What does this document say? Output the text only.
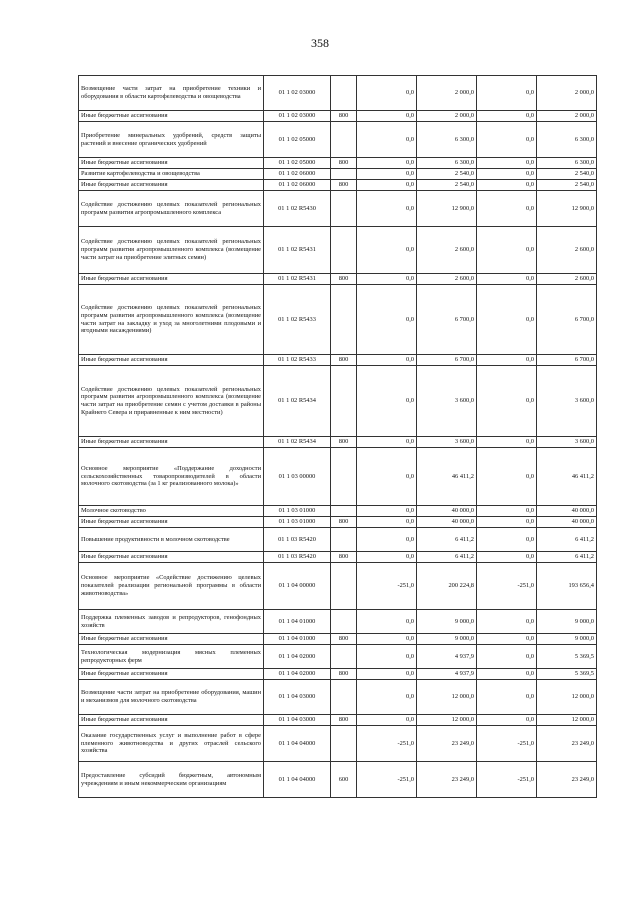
358
Возмещение части затрат на приобретение техники и оборудования в области картофелеводства и овощеводства	01 1 02 03000		0,0	2 000,0	0,0	2 000,0
Иные бюджетные ассигнования	01 1 02 03000	800	0,0	2 000,0	0,0	2 000,0
Приобретение минеральных удобрений, средств защиты растений и внесение органических удобрений	01 1 02 05000		0,0	6 300,0	0,0	6 300,0
Иные бюджетные ассигнования	01 1 02 05000	800	0,0	6 300,0	0,0	6 300,0
Развитие картофелеводства и овощеводства	01 1 02 06000		0,0	2 540,0	0,0	2 540,0
Иные бюджетные ассигнования	01 1 02 06000	800	0,0	2 540,0	0,0	2 540,0
Содействие достижению целевых показателей региональных программ развития агропромышленного комплекса	01 1 02 R5430		0,0	12 900,0	0,0	12 900,0
Содействие достижению целевых показателей региональных программ развития агропромышленного комплекса (возмещение части затрат на приобретение элитных семян)	01 1 02 R5431		0,0	2 600,0	0,0	2 600,0
Иные бюджетные ассигнования	01 1 02 R5431	800	0,0	2 600,0	0,0	2 600,0
Содействие достижению целевых показателей региональных программ развития агропромышленного комплекса (возмещение части затрат на закладку и уход за многолетними плодовыми и ягодными насаждениями)	01 1 02 R5433		0,0	6 700,0	0,0	6 700,0
Иные бюджетные ассигнования	01 1 02 R5433	800	0,0	6 700,0	0,0	6 700,0
Содействие достижению целевых показателей региональных программ развития агропромышленного комплекса (возмещение части затрат на приобретение семян с учетом доставки в районы Крайнего Севера и приравненные к ним местности)	01 1 02 R5434		0,0	3 600,0	0,0	3 600,0
Иные бюджетные ассигнования	01 1 02 R5434	800	0,0	3 600,0	0,0	3 600,0
Основное мероприятие «Поддержание доходности сельскохозяйственных товаропроизводителей в области молочного скотоводства (за 1 кг реализованного молока)»	01 1 03 00000		0,0	46 411,2	0,0	46 411,2
Молочное скотоводство	01 1 03 01000		0,0	40 000,0	0,0	40 000,0
Иные бюджетные ассигнования	01 1 03 01000	800	0,0	40 000,0	0,0	40 000,0
Повышение продуктивности в молочном скотоводстве	01 1 03 R5420		0,0	6 411,2	0,0	6 411,2
Иные бюджетные ассигнования	01 1 03 R5420	800	0,0	6 411,2	0,0	6 411,2
Основное мероприятие «Содействие достижению целевых показателей реализации региональной программы в области животноводства»	01 1 04 00000		-251,0	200 224,8	-251,0	193 656,4
Поддержка племенных заводов и репродукторов, генофондных хозяйств	01 1 04 01000		0,0	9 000,0	0,0	9 000,0
Иные бюджетные ассигнования	01 1 04 01000	800	0,0	9 000,0	0,0	9 000,0
Технологическая модернизация мясных племенных репродукторных ферм	01 1 04 02000		0,0	4 937,9	0,0	5 369,5
Иные бюджетные ассигнования	01 1 04 02000	800	0,0	4 937,9	0,0	5 369,5
Возмещение части затрат на приобретение оборудования, машин и механизмов для молочного скотоводства	01 1 04 03000		0,0	12 000,0	0,0	12 000,0
Иные бюджетные ассигнования	01 1 04 03000	800	0,0	12 000,0	0,0	12 000,0
Оказание государственных услуг и выполнение работ в сфере племенного животноводства и других отраслей сельского хозяйства	01 1 04 04000		-251,0	23 249,0	-251,0	23 249,0
Предоставление субсидий бюджетным, автономным учреждениям и иным некоммерческим организациям	01 1 04 04000	600	-251,0	23 249,0	-251,0	23 249,0
